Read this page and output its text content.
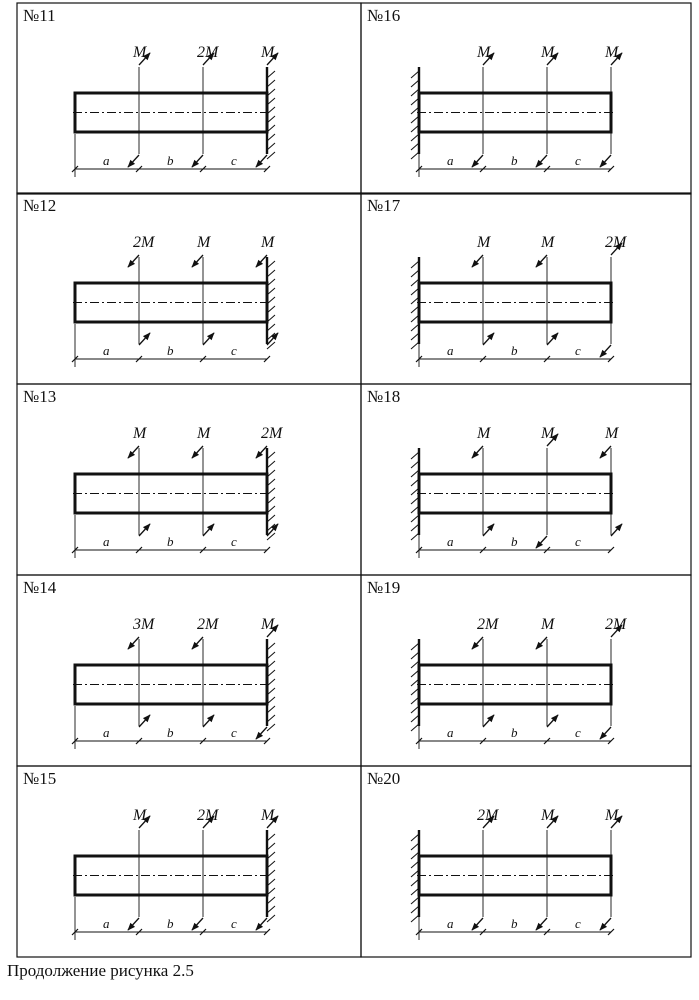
№11
M	2M	M
a	b	c
№16
M	M	M
a	b	c
№12
2M	M	M
a	b	c
№17
M	M	2M
a	b	c
№13
M	M	2M
a	b	c
№18
M	M	M
a	b	c
№14
3M	2M	M
a	b	c
№19
2M	M	2M
a	b	c
№15
M	2M	M
a	b	c
№20
2M	M	M
a	b	c
Продолжение рисунка 2.5
